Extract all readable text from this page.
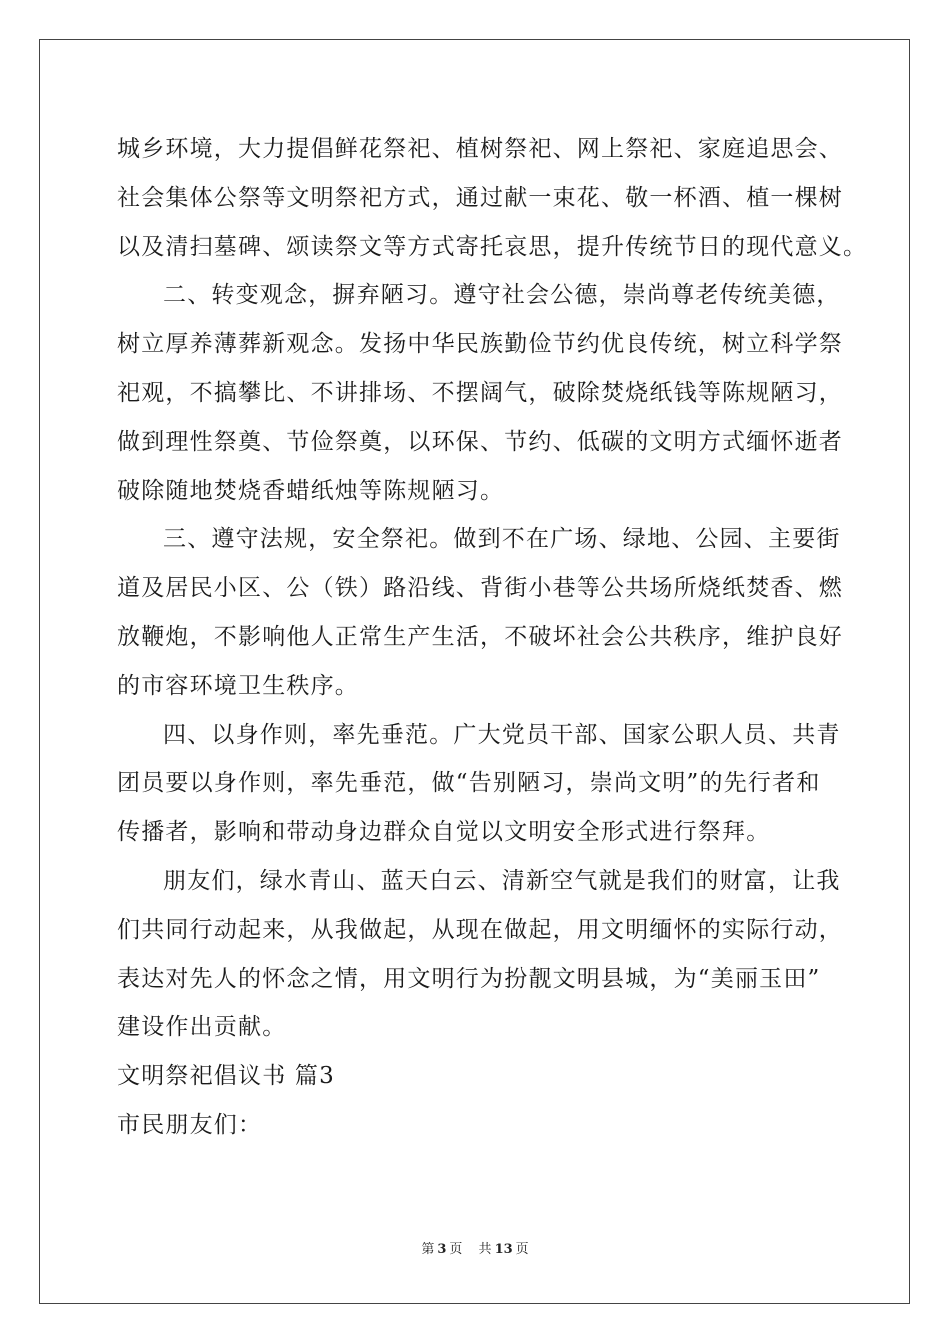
城乡环境，大力提倡鲜花祭祀、植树祭祀、网上祭祀、家庭追思会、
社会集体公祭等文明祭祀方式，通过献一束花、敬一杯酒、植一棵树
以及清扫墓碑、颂读祭文等方式寄托哀思，提升传统节日的现代意义。
二、转变观念，摒弃陋习。遵守社会公德，崇尚尊老传统美德，
树立厚养薄葬新观念。发扬中华民族勤俭节约优良传统，树立科学祭
祀观，不搞攀比、不讲排场、不摆阔气，破除焚烧纸钱等陈规陋习，
做到理性祭奠、节俭祭奠，以环保、节约、低碳的文明方式缅怀逝者
破除随地焚烧香蜡纸烛等陈规陋习。
三、遵守法规，安全祭祀。做到不在广场、绿地、公园、主要街
道及居民小区、公（铁）路沿线、背街小巷等公共场所烧纸焚香、燃
放鞭炮，不影响他人正常生产生活，不破坏社会公共秩序，维护良好
的市容环境卫生秩序。
四、以身作则，率先垂范。广大党员干部、国家公职人员、共青
团员要以身作则，率先垂范，做“告别陋习，崇尚文明”的先行者和
传播者，影响和带动身边群众自觉以文明安全形式进行祭拜。
朋友们，绿水青山、蓝天白云、清新空气就是我们的财富，让我
们共同行动起来，从我做起，从现在做起，用文明缅怀的实际行动，
表达对先人的怀念之情，用文明行为扮靓文明县城，为“美丽玉田”
建设作出贡献。
文明祭祀倡议书 篇3
市民朋友们：
第 3 页 共 13 页
